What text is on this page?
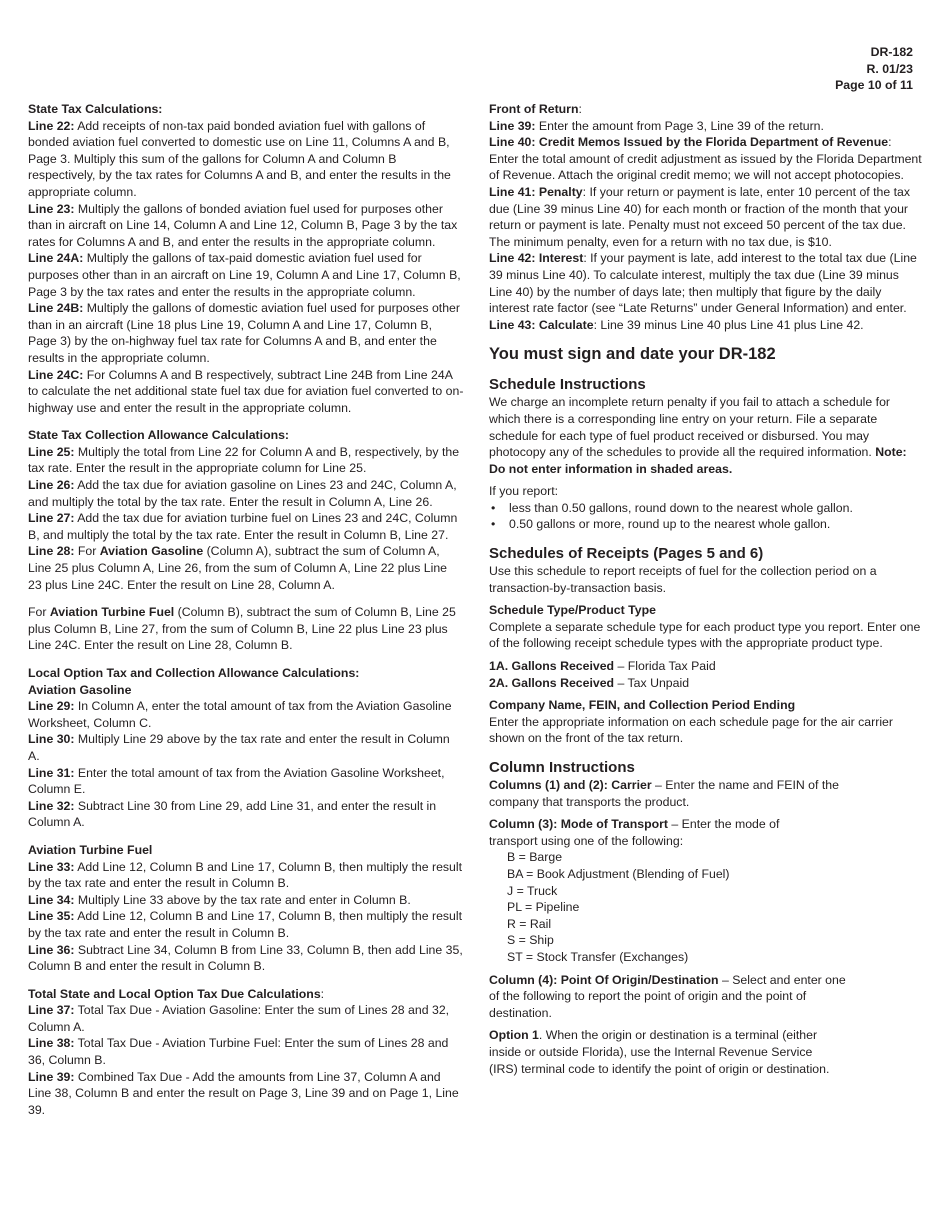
DR-182
R. 01/23
Page 10 of 11

State Tax Calculations:

Line 22: Add receipts of non-tax paid bonded aviation fuel with gallons of bonded aviation fuel converted to domestic use on Line 11, Columns A and B, Page 3. Multiply this sum of the gallons for Column A and Column B respectively, by the tax rates for Columns A and B, and enter the results in the appropriate column.

Line 23: Multiply the gallons of bonded aviation fuel used for purposes other than in aircraft on Line 14, Column A and Line 12, Column B, Page 3 by the tax rates for Columns A and B, and enter the results in the appropriate column.

Line 24A: Multiply the gallons of tax-paid domestic aviation fuel used for purposes other than in an aircraft on Line 19, Column A and Line 17, Column B, Page 3 by the tax rates and enter the results in the appropriate column.

Line 24B: Multiply the gallons of domestic aviation fuel used for purposes other than in an aircraft (Line 18 plus Line 19, Column A and Line 17, Column B, Page 3) by the on-highway fuel tax rate for Columns A and B, and enter the results in the appropriate column.

Line 24C: For Columns A and B respectively, subtract Line 24B from Line 24A to calculate the net additional state fuel tax due for aviation fuel converted to on-highway use and enter the result in the appropriate column.

State Tax Collection Allowance Calculations:

Line 25: Multiply the total from Line 22 for Column A and B, respectively, by the tax rate. Enter the result in the appropriate column for Line 25.

Line 26: Add the tax due for aviation gasoline on Lines 23 and 24C, Column A, and multiply the total by the tax rate. Enter the result in Column A, Line 26.

Line 27: Add the tax due for aviation turbine fuel on Lines 23 and 24C, Column B, and multiply the total by the tax rate. Enter the result in Column B, Line 27.

Line 28: For Aviation Gasoline (Column A), subtract the sum of Column A, Line 25 plus Column A, Line 26, from the sum of Column A, Line 22 plus Line 23 plus Line 24C. Enter the result on Line 28, Column A.

For Aviation Turbine Fuel (Column B), subtract the sum of Column B, Line 25 plus Column B, Line 27, from the sum of Column B, Line 22 plus Line 23 plus Line 24C. Enter the result on Line 28, Column B.

Local Option Tax and Collection Allowance Calculations:

Aviation Gasoline

Line 29: In Column A, enter the total amount of tax from the Aviation Gasoline Worksheet, Column C.

Line 30: Multiply Line 29 above by the tax rate and enter the result in Column A.

Line 31: Enter the total amount of tax from the Aviation Gasoline Worksheet, Column E.

Line 32: Subtract Line 30 from Line 29, add Line 31, and enter the result in Column A.

Aviation Turbine Fuel

Line 33: Add Line 12, Column B and Line 17, Column B, then multiply the result by the tax rate and enter the result in Column B.

Line 34: Multiply Line 33 above by the tax rate and enter in Column B.

Line 35: Add Line 12, Column B and Line 17, Column B, then multiply the result by the tax rate and enter the result in Column B.

Line 36: Subtract Line 34, Column B from Line 33, Column B, then add Line 35, Column B and enter the result in Column B.

Total State and Local Option Tax Due Calculations:

Line 37: Total Tax Due - Aviation Gasoline: Enter the sum of Lines 28 and 32, Column A.

Line 38: Total Tax Due - Aviation Turbine Fuel: Enter the sum of Lines 28 and 36, Column B.

Line 39: Combined Tax Due - Add the amounts from Line 37, Column A and Line 38, Column B and enter the result on Page 3, Line 39 and on Page 1, Line 39.

Front of Return:

Line 39: Enter the amount from Page 3, Line 39 of the return.

Line 40: Credit Memos Issued by the Florida Department of Revenue: Enter the total amount of credit adjustment as issued by the Florida Department of Revenue. Attach the original credit memo; we will not accept photocopies.

Line 41: Penalty: If your return or payment is late, enter 10 percent of the tax due (Line 39 minus Line 40) for each month or fraction of the month that your return or payment is late. Penalty must not exceed 50 percent of the tax due. The minimum penalty, even for a return with no tax due, is $10.

Line 42: Interest: If your payment is late, add interest to the total tax due (Line 39 minus Line 40). To calculate interest, multiply the tax due (Line 39 minus Line 40) by the number of days late; then multiply that figure by the daily interest rate factor (see “Late Returns” under General Information) and enter.

Line 43: Calculate: Line 39 minus Line 40 plus Line 41 plus Line 42.

You must sign and date your DR-182
Schedule Instructions

We charge an incomplete return penalty if you fail to attach a schedule for which there is a corresponding line entry on your return. File a separate schedule for each type of fuel product received or disbursed. You may photocopy any of the schedules to provide all the required information. Note: Do not enter information in shaded areas.

If you report:

• less than 0.50 gallons, round down to the nearest whole gallon.
• 0.50 gallons or more, round up to the nearest whole gallon.
Schedules of Receipts (Pages 5 and 6)

Use this schedule to report receipts of fuel for the collection period on a transaction-by-transaction basis.

Schedule Type/Product Type

Complete a separate schedule type for each product type you report. Enter one of the following receipt schedule types with the appropriate product type.

1A. Gallons Received – Florida Tax Paid

2A. Gallons Received – Tax Unpaid

Company Name, FEIN, and Collection Period Ending

Enter the appropriate information on each schedule page for the air carrier shown on the front of the tax return.

Column Instructions

Columns (1) and (2): Carrier – Enter the name and FEIN of the company that transports the product.

Column (3): Mode of Transport – Enter the mode of transport using one of the following:

B = Barge

BA = Book Adjustment (Blending of Fuel)

J = Truck

PL = Pipeline

R = Rail

S = Ship

ST = Stock Transfer (Exchanges)

Column (4): Point Of Origin/Destination – Select and enter one of the following to report the point of origin and the point of destination.

Option 1. When the origin or destination is a terminal (either inside or outside Florida), use the Internal Revenue Service (IRS) terminal code to identify the point of origin or destination.
